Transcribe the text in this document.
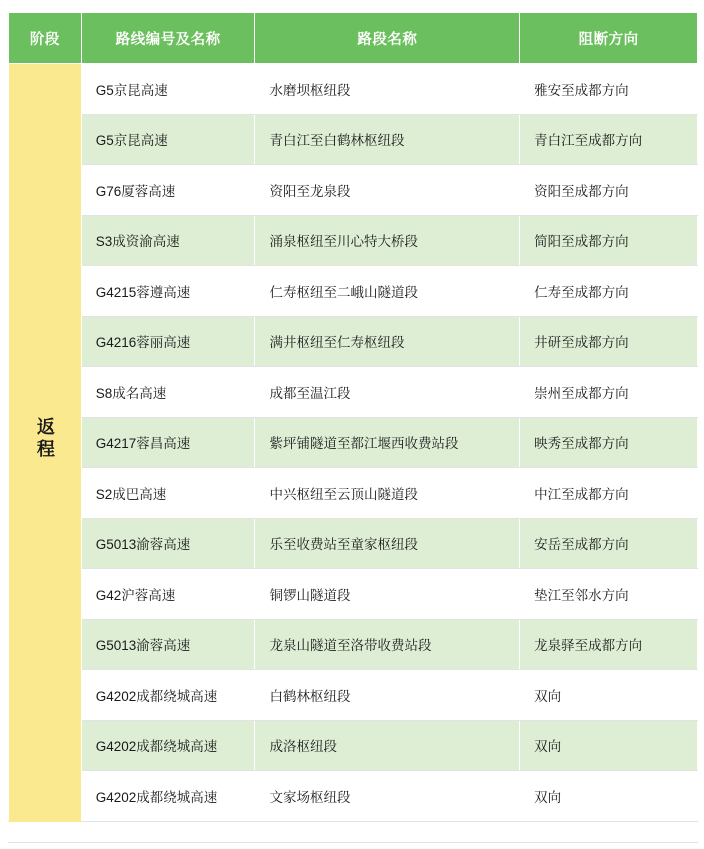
阶段	路线编号及名称	路段名称	阻断方向
返程	G5京昆高速	水磨坝枢纽段	雅安至成都方向
	G5京昆高速	青白江至白鹤林枢纽段	青白江至成都方向
	G76厦蓉高速	资阳至龙泉段	资阳至成都方向
	S3成资渝高速	涌泉枢纽至川心特大桥段	简阳至成都方向
	G4215蓉遵高速	仁寿枢纽至二峨山隧道段	仁寿至成都方向
	G4216蓉丽高速	满井枢纽至仁寿枢纽段	井研至成都方向
	S8成名高速	成都至温江段	崇州至成都方向
	G4217蓉昌高速	紫坪铺隧道至都江堰西收费站段	映秀至成都方向
	S2成巴高速	中兴枢纽至云顶山隧道段	中江至成都方向
	G5013渝蓉高速	乐至收费站至童家枢纽段	安岳至成都方向
	G42沪蓉高速	铜锣山隧道段	垫江至邻水方向
	G5013渝蓉高速	龙泉山隧道至洛带收费站段	龙泉驿至成都方向
	G4202成都绕城高速	白鹤林枢纽段	双向
	G4202成都绕城高速	成洛枢纽段	双向
	G4202成都绕城高速	文家场枢纽段	双向
